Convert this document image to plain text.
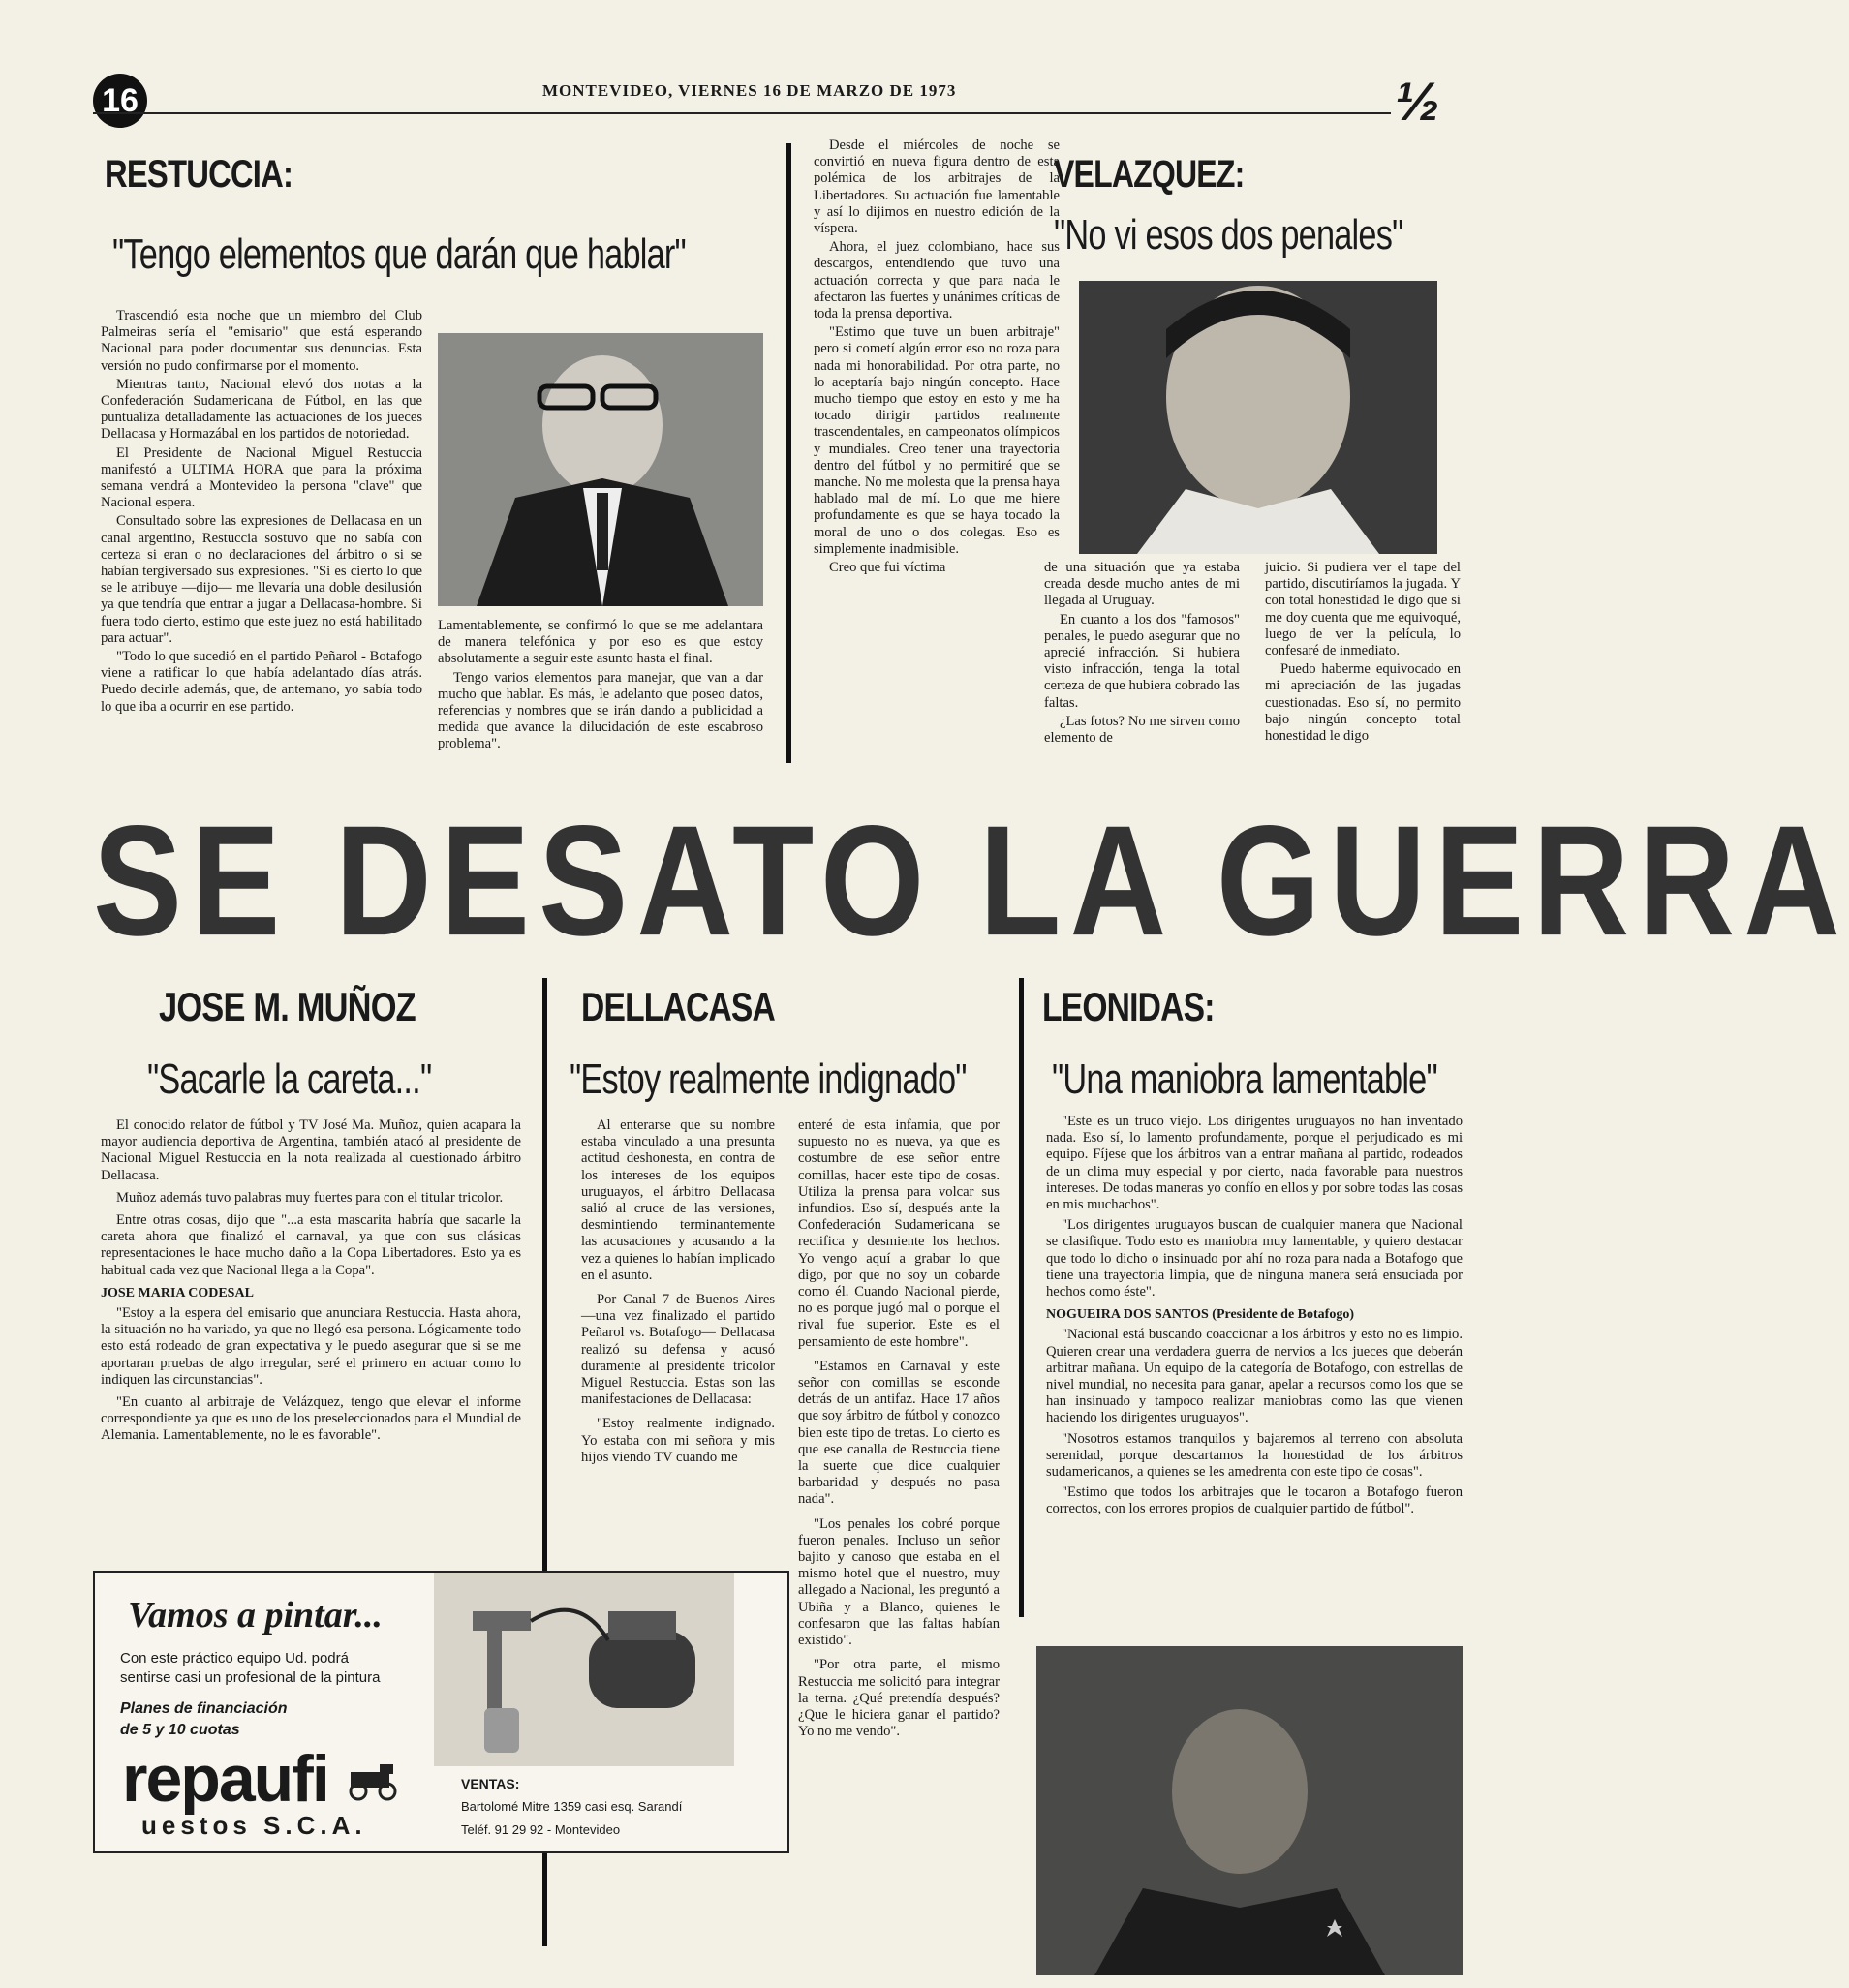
16	MONTEVIDEO, VIERNES 16 DE MARZO DE 1973	½
RESTUCCIA:
"Tengo elementos que darán que hablar"

Trascendió esta noche que un miembro del Club Palmeiras sería el "emisario" que está esperando Nacional para poder documentar sus denuncias. Esta versión no pudo confirmarse por el momento.

Mientras tanto, Nacional elevó dos notas a la Confederación Sudamericana de Fútbol, en las que puntualiza detalladamente las actuaciones de los jueces Dellacasa y Hormazábal en los partidos de notoriedad.

El Presidente de Nacional Miguel Restuccia manifestó a ULTIMA HORA que para la próxima semana vendrá a Montevideo la persona "clave" que Nacional espera.

Consultado sobre las expresiones de Dellacasa en un canal argentino, Restuccia sostuvo que no sabía con certeza si eran o no declaraciones del árbitro o si se habían tergiversado sus expresiones. "Si es cierto lo que se le atribuye —dijo— me llevaría una doble desilusión ya que tendría que entrar a jugar a Dellacasa-hombre. Si fuera todo cierto, estimo que este juez no está habilitado para actuar".

"Todo lo que sucedió en el partido Peñarol - Botafogo viene a ratificar lo que había adelantado días atrás. Puedo decirle además, que, de antemano, yo sabía todo lo que iba a ocurrir en ese partido.

Lamentablemente, se confirmó lo que se me adelantara de manera telefónica y por eso es que estoy absolutamente a seguir este asunto hasta el final.

Tengo varios elementos para manejar, que van a dar mucho que hablar. Es más, le adelanto que poseo datos, referencias y nombres que se irán dando a publicidad a medida que avance la dilucidación de este escabroso problema".

Desde el miércoles de noche se convirtió en nueva figura dentro de esta polémica de los arbitrajes de la Libertadores. Su actuación fue lamentable y así lo dijimos en nuestro edición de la víspera.

Ahora, el juez colombiano, hace sus descargos, entendiendo que tuvo una actuación correcta y que para nada le afectaron las fuertes y unánimes críticas de toda la prensa deportiva.

"Estimo que tuve un buen arbitraje" pero si cometí algún error eso no roza para nada mi honorabilidad. Por otra parte, no lo aceptaría bajo ningún concepto. Hace mucho tiempo que estoy en esto y me ha tocado dirigir partidos realmente trascendentales, en campeonatos olímpicos y mundiales. Creo tener una trayectoria dentro del fútbol y no permitiré que se manche. No me molesta que la prensa haya hablado mal de mí. Lo que me hiere profundamente es que se haya tocado la moral de uno o dos colegas. Eso es simplemente inadmisible.

Creo que fui víctima

VELAZQUEZ:
"No vi esos dos penales"

de una situación que ya estaba creada desde mucho antes de mi llegada al Uruguay.

En cuanto a los dos "famosos" penales, le puedo asegurar que no aprecié infracción. Si hubiera visto infracción, tenga la total certeza de que hubiera cobrado las faltas.

¿Las fotos? No me sirven como elemento de

juicio. Si pudiera ver el tape del partido, discutiríamos la jugada. Y con total honestidad le digo que si me doy cuenta que me equivoqué, luego de ver la película, lo confesaré de inmediato.

Puedo haberme equivocado en mi apreciación de las jugadas cuestionadas. Eso sí, no permito bajo ningún concepto total honestidad le digo

SE DESATO LA GUERRA
JOSE M. MUÑOZ
"Sacarle la careta..."

El conocido relator de fútbol y TV José Ma. Muñoz, quien acapara la mayor audiencia deportiva de Argentina, también atacó al presidente de Nacional Miguel Restuccia en la nota realizada al cuestionado árbitro Dellacasa.

Muñoz además tuvo palabras muy fuertes para con el titular tricolor.

Entre otras cosas, dijo que "...a esta mascarita habría que sacarle la careta ahora que finalizó el carnaval, ya que con sus clásicas representaciones le hace mucho daño a la Copa Libertadores. Esto ya es habitual cada vez que Nacional llega a la Copa".

JOSE MARIA CODESAL

"Estoy a la espera del emisario que anunciara Restuccia. Hasta ahora, la situación no ha variado, ya que no llegó esa persona. Lógicamente todo esto está rodeado de gran expectativa y le puedo asegurar que si se me aportaran pruebas de algo irregular, seré el primero en actuar como lo indiquen las circunstancias".

"En cuanto al arbitraje de Velázquez, tengo que elevar el informe correspondiente ya que es uno de los preseleccionados para el Mundial de Alemania. Lamentablemente, no le es favorable".

DELLACASA
"Estoy realmente indignado"

Al enterarse que su nombre estaba vinculado a una presunta actitud deshonesta, en contra de los intereses de los equipos uruguayos, el árbitro Dellacasa salió al cruce de las versiones, desmintiendo terminantemente las acusaciones y acusando a la vez a quienes lo habían implicado en el asunto.

Por Canal 7 de Buenos Aires —una vez finalizado el partido Peñarol vs. Botafogo— Dellacasa realizó su defensa y acusó duramente al presidente tricolor Miguel Restuccia. Estas son las manifestaciones de Dellacasa:

"Estoy realmente indignado. Yo estaba con mi señora y mis hijos viendo TV cuando me

enteré de esta infamia, que por supuesto no es nueva, ya que es costumbre de ese señor entre comillas, hacer este tipo de cosas. Utiliza la prensa para volcar sus infundios. Eso sí, después ante la Confederación Sudamericana se rectifica y desmiente los hechos. Yo vengo aquí a grabar lo que digo, por que no soy un cobarde como él. Cuando Nacional pierde, no es porque jugó mal o porque el rival fue superior. Este es el pensamiento de este hombre".

"Estamos en Carnaval y este señor con comillas se esconde detrás de un antifaz. Hace 17 años que soy árbitro de fútbol y conozco bien este tipo de tretas. Lo cierto es que ese canalla de Restuccia tiene la suerte que dice cualquier barbaridad y después no pasa nada".

"Los penales los cobré porque fueron penales. Incluso un señor bajito y canoso que estaba en el mismo hotel que el nuestro, muy allegado a Nacional, les preguntó a Ubiña y a Blanco, quienes le confesaron que las faltas habían existido".

"Por otra parte, el mismo Restuccia me solicitó para integrar la terna. ¿Qué pretendía después? ¿Que le hiciera ganar el partido? Yo no me vendo".

LEONIDAS:
"Una maniobra lamentable"

"Este es un truco viejo. Los dirigentes uruguayos no han inventado nada. Eso sí, lo lamento profundamente, porque el perjudicado es mi equipo. Fíjese que los árbitros van a entrar mañana al partido, rodeados de un clima muy especial y por cierto, nada favorable para nuestros intereses. De todas maneras yo confío en ellos y por sobre todas las cosas en mis muchachos".

"Los dirigentes uruguayos buscan de cualquier manera que Nacional se clasifique. Todo esto es maniobra muy lamentable, y quiero destacar que todo lo dicho o insinuado por ahí no roza para nada a Botafogo que tiene una trayectoria limpia, que de ninguna manera será ensuciada por hechos como éste".

NOGUEIRA DOS SANTOS (Presidente de Botafogo)

"Nacional está buscando coaccionar a los árbitros y esto no es limpio. Quieren crear una verdadera guerra de nervios a los jueces que deberán arbitrar mañana. Un equipo de la categoría de Botafogo, con estrellas de nivel mundial, no necesita para ganar, apelar a recursos como los que se han insinuado y tampoco realizar maniobras como las que vienen haciendo los dirigentes uruguayos".

"Nosotros estamos tranquilos y bajaremos al terreno con absoluta serenidad, porque descartamos la honestidad de los árbitros sudamericanos, a quienes se les amedrenta con este tipo de cosas".

"Estimo que todos los arbitrajes que le tocaron a Botafogo fueron correctos, con los errores propios de cualquier partido de fútbol".

Vamos a pintar...
Con este práctico equipo Ud. podrá
sentirse casi un profesional de la pintura
Planes de financiación
de 5 y 10 cuotas
repaufi
uestos S.C.A.
VENTAS:
Bartolomé Mitre 1359 casi esq. Sarandí
Teléf. 91 29 92 - Montevideo
